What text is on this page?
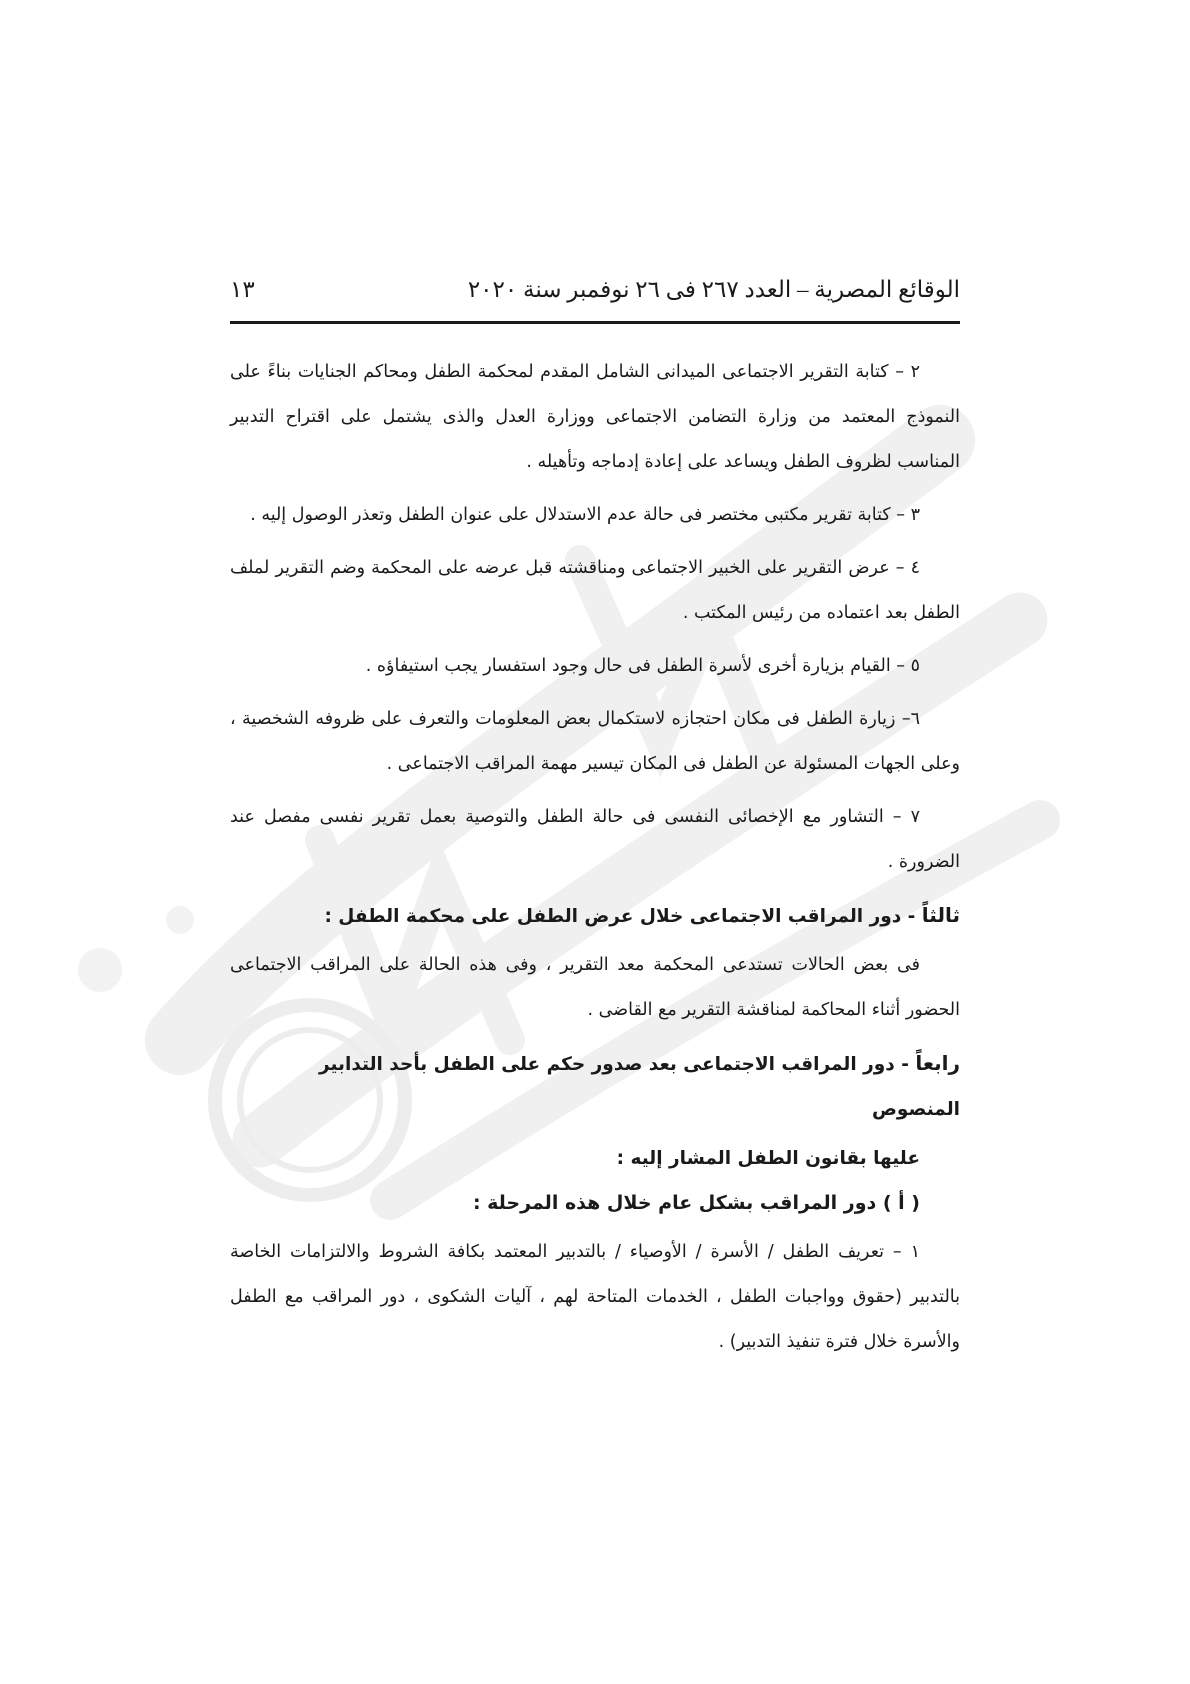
الوقائع المصرية – العدد ٢٦٧ فى ٢٦ نوفمبر سنة ٢٠٢٠
١٣

٢ – كتابة التقرير الاجتماعى الميدانى الشامل المقدم لمحكمة الطفل ومحاكم الجنايات بناءً على النموذج المعتمد من وزارة التضامن الاجتماعى ووزارة العدل والذى يشتمل على اقتراح التدبير المناسب لظروف الطفل ويساعد على إعادة إدماجه وتأهيله .

٣ – كتابة تقرير مكتبى مختصر فى حالة عدم الاستدلال على عنوان الطفل وتعذر الوصول إليه .

٤ – عرض التقرير على الخبير الاجتماعى ومناقشته قبل عرضه على المحكمة وضم التقرير لملف الطفل بعد اعتماده من رئيس المكتب .

٥ – القيام بزيارة أخرى لأسرة الطفل فى حال وجود استفسار يجب استيفاؤه .

٦– زيارة الطفل فى مكان احتجازه لاستكمال بعض المعلومات والتعرف على ظروفه الشخصية ، وعلى الجهات المسئولة عن الطفل فى المكان تيسير مهمة المراقب الاجتماعى .

٧ – التشاور مع الإخصائى النفسى فى حالة الطفل والتوصية بعمل تقرير نفسى مفصل عند الضرورة .

ثالثاً - دور المراقب الاجتماعى خلال عرض الطفل على محكمة الطفل :

فى بعض الحالات تستدعى المحكمة معد التقرير ، وفى هذه الحالة على المراقب الاجتماعى الحضور أثناء المحاكمة لمناقشة التقرير مع القاضى .

رابعاً - دور المراقب الاجتماعى بعد صدور حكم على الطفل بأحد التدابير المنصوص

عليها بقانون الطفل المشار إليه :

( أ ) دور المراقب بشكل عام خلال هذه المرحلة :

١ – تعريف الطفل / الأسرة / الأوصياء / بالتدبير المعتمد بكافة الشروط والالتزامات الخاصة بالتدبير (حقوق وواجبات الطفل ، الخدمات المتاحة لهم ، آليات الشكوى ، دور المراقب مع الطفل والأسرة خلال فترة تنفيذ التدبير) .
